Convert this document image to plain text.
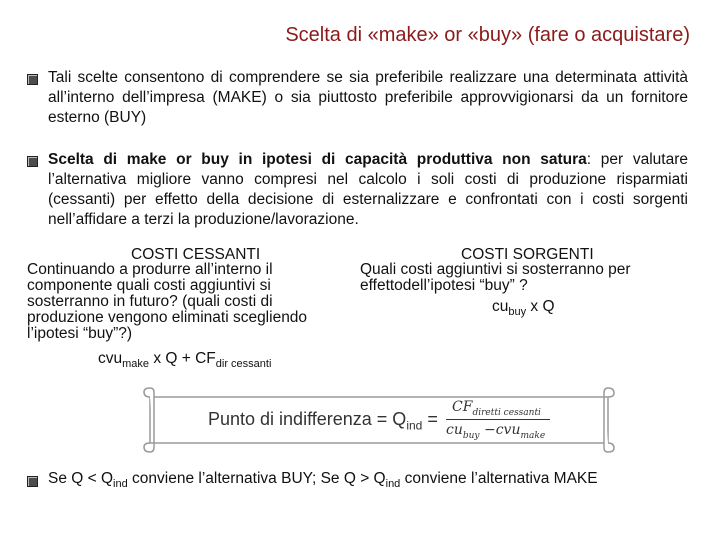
Scelta di «make» or «buy» (fare o acquistare)
Tali scelte consentono di comprendere se sia preferibile realizzare una determinata attività all’interno dell’impresa (MAKE) o sia piuttosto preferibile approvvigionarsi da un fornitore esterno (BUY)
Scelta di make or buy in ipotesi di capacità produttiva non satura: per valutare l’alternativa migliore vanno compresi nel calcolo i soli costi di produzione risparmiati (cessanti) per effetto della decisione di esternalizzare e confrontati con i costi sorgenti nell’affidare a terzi la produzione/lavorazione.
COSTI CESSANTI
Continuando a produrre all’interno il componente quali costi aggiuntivi si sosterranno in futuro? (quali costi di produzione vengono eliminati scegliendo l’ipotesi “buy”?)
cvu$_{make}$ x $Q + CF_{dir cessanti}$
COSTI SORGENTI
Quali costi aggiuntivi si sosterranno per effettodell’ipotesi “buy” ?
$cu_{buy}$ x Q
Punto di indifferenza = $Q_{ind}$ =
$CF_{diretti cessanti}$
$cu_{buy} -cvu_{make}$
Se $Q < Q_{ind}$ conviene l’alternativa BUY; Se $Q > Q_{ind}$ conviene l’alternativa MAKE
